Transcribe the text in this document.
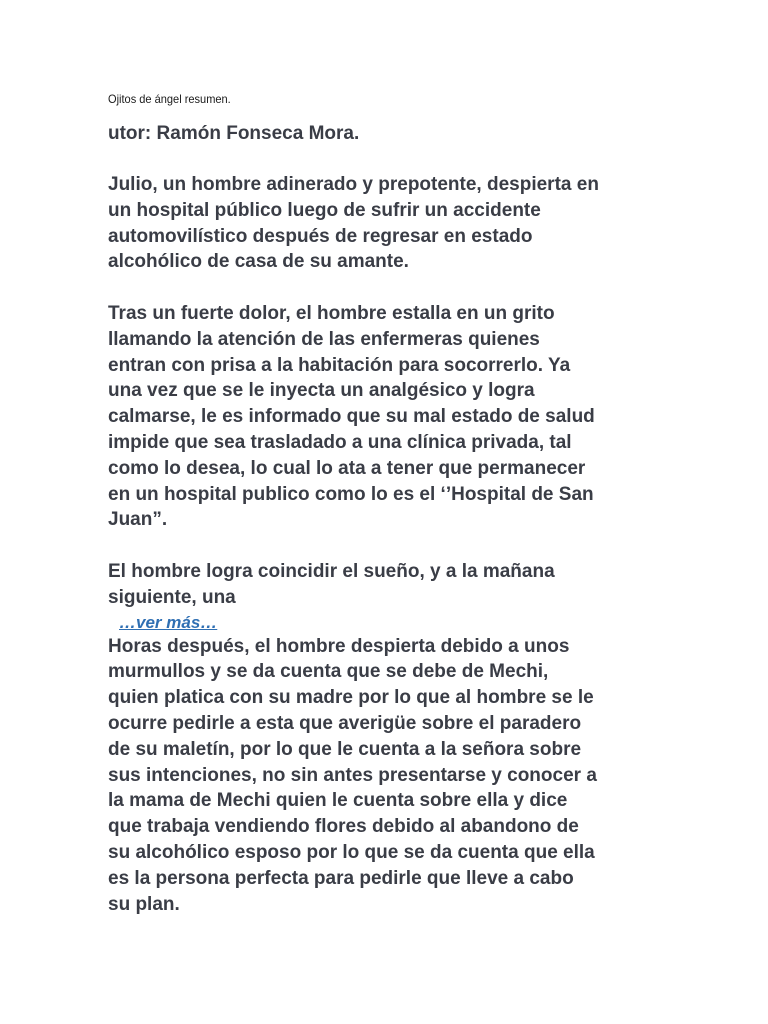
Ojitos de ángel resumen.
utor: Ramón Fonseca Mora.
Julio, un hombre adinerado y prepotente, despierta en
un hospital público luego de sufrir un accidente
automovilístico después de regresar en estado
alcohólico de casa de su amante.
Tras un fuerte dolor, el hombre estalla en un grito
llamando la atención de las enfermeras quienes
entran con prisa a la habitación para socorrerlo. Ya
una vez que se le inyecta un analgésico y logra
calmarse, le es informado que su mal estado de salud
impide que sea trasladado a una clínica privada, tal
como lo desea, lo cual lo ata a tener que permanecer
en un hospital publico como lo es el ‘’Hospital de San
Juan”.
El hombre logra coincidir el sueño, y a la mañana
siguiente, una
…ver más…
Horas después, el hombre despierta debido a unos
murmullos y se da cuenta que se debe de Mechi,
quien platica con su madre por lo que al hombre se le
ocurre pedirle a esta que averigüe sobre el paradero
de su maletín, por lo que le cuenta a la señora sobre
sus intenciones, no sin antes presentarse y conocer a
la mama de Mechi quien le cuenta sobre ella y dice
que trabaja vendiendo flores debido al abandono de
su alcohólico esposo por lo que se da cuenta que ella
es la persona perfecta para pedirle que lleve a cabo
su plan.
